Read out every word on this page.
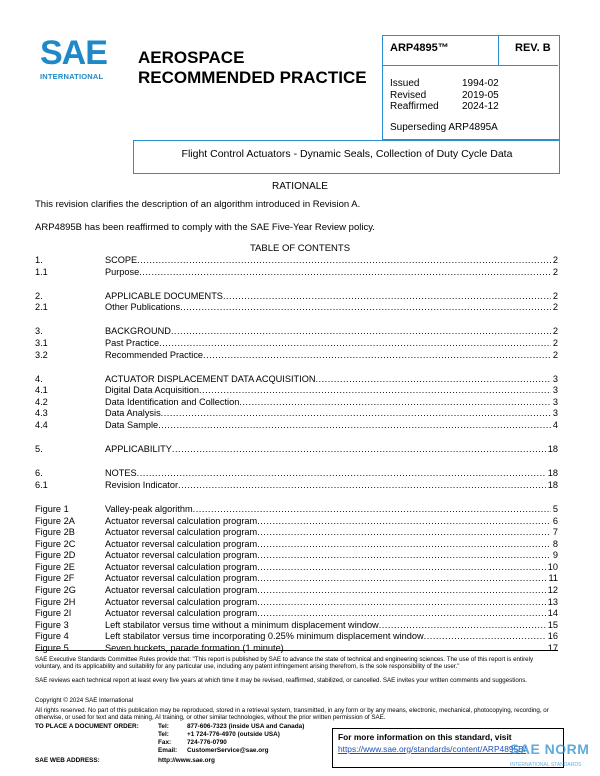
SAE
INTERNATIONAL
AEROSPACE
RECOMMENDED PRACTICE
ARP4895™	REV. B
Issued	1994-02
Revised	2019-05
Reaffirmed	2024-12
Superseding ARP4895A
Flight Control Actuators - Dynamic Seals, Collection of Duty Cycle Data
RATIONALE
This revision clarifies the description of an algorithm introduced in Revision A.
ARP4895B has been reaffirmed to comply with the SAE Five-Year Review policy.
TABLE OF CONTENTS
1.	SCOPE .....	2
1.1	Purpose .....	2
2.	APPLICABLE DOCUMENTS .....	2
2.1	Other Publications .....	2
3.	BACKGROUND .....	2
3.1	Past Practice .....	2
3.2	Recommended Practice .....	2
4.	ACTUATOR DISPLACEMENT DATA ACQUISITION .....	3
4.1	Digital Data Acquisition .....	3
4.2	Data Identification and Collection .....	3
4.3	Data Analysis .....	3
4.4	Data Sample .....	4
5.	APPLICABILITY .....	18
6.	NOTES .....	18
6.1	Revision Indicator .....	18
Figure 1	Valley-peak algorithm .....	5
Figure 2A	Actuator reversal calculation program .....	6
Figure 2B	Actuator reversal calculation program .....	7
Figure 2C	Actuator reversal calculation program .....	8
Figure 2D	Actuator reversal calculation program .....	9
Figure 2E	Actuator reversal calculation program .....	10
Figure 2F	Actuator reversal calculation program .....	11
Figure 2G	Actuator reversal calculation program .....	12
Figure 2H	Actuator reversal calculation program .....	13
Figure 2I	Actuator reversal calculation program .....	14
Figure 3	Left stabilator versus time without a minimum displacement window .....	15
Figure 4	Left stabilator versus time incorporating 0.25% minimum displacement window .....	16
Figure 5	Seven buckets, parade formation (1 minute) .....	17
SAE Executive Standards Committee Rules provide that: "This report is published by SAE to advance the state of technical and engineering sciences. The use of this report is entirely voluntary, and its applicability and suitability for any particular use, including any patent infringement arising therefrom, is the sole responsibility of the user."
SAE reviews each technical report at least every five years at which time it may be revised, reaffirmed, stabilized, or cancelled. SAE invites your written comments and suggestions.
Copyright © 2024 SAE International
All rights reserved. No part of this publication may be reproduced, stored in a retrieval system, transmitted, in any form or by any means, electronic, mechanical, photocopying, recording, or otherwise, or used for text and data mining, AI training, or other similar technologies, without the prior written permission of SAE.
TO PLACE A DOCUMENT ORDER:	Tel:	877-606-7323 (inside USA and Canada)
Tel:	+1 724-776-4970 (outside USA)
Fax:	724-776-0790
Email:	CustomerService@sae.org
SAE WEB ADDRESS:	http://www.sae.org
For more information on this standard, visit
https://www.sae.org/standards/content/ARP4895B/
SAE NORM
INTERNATIONAL STANDARDS
